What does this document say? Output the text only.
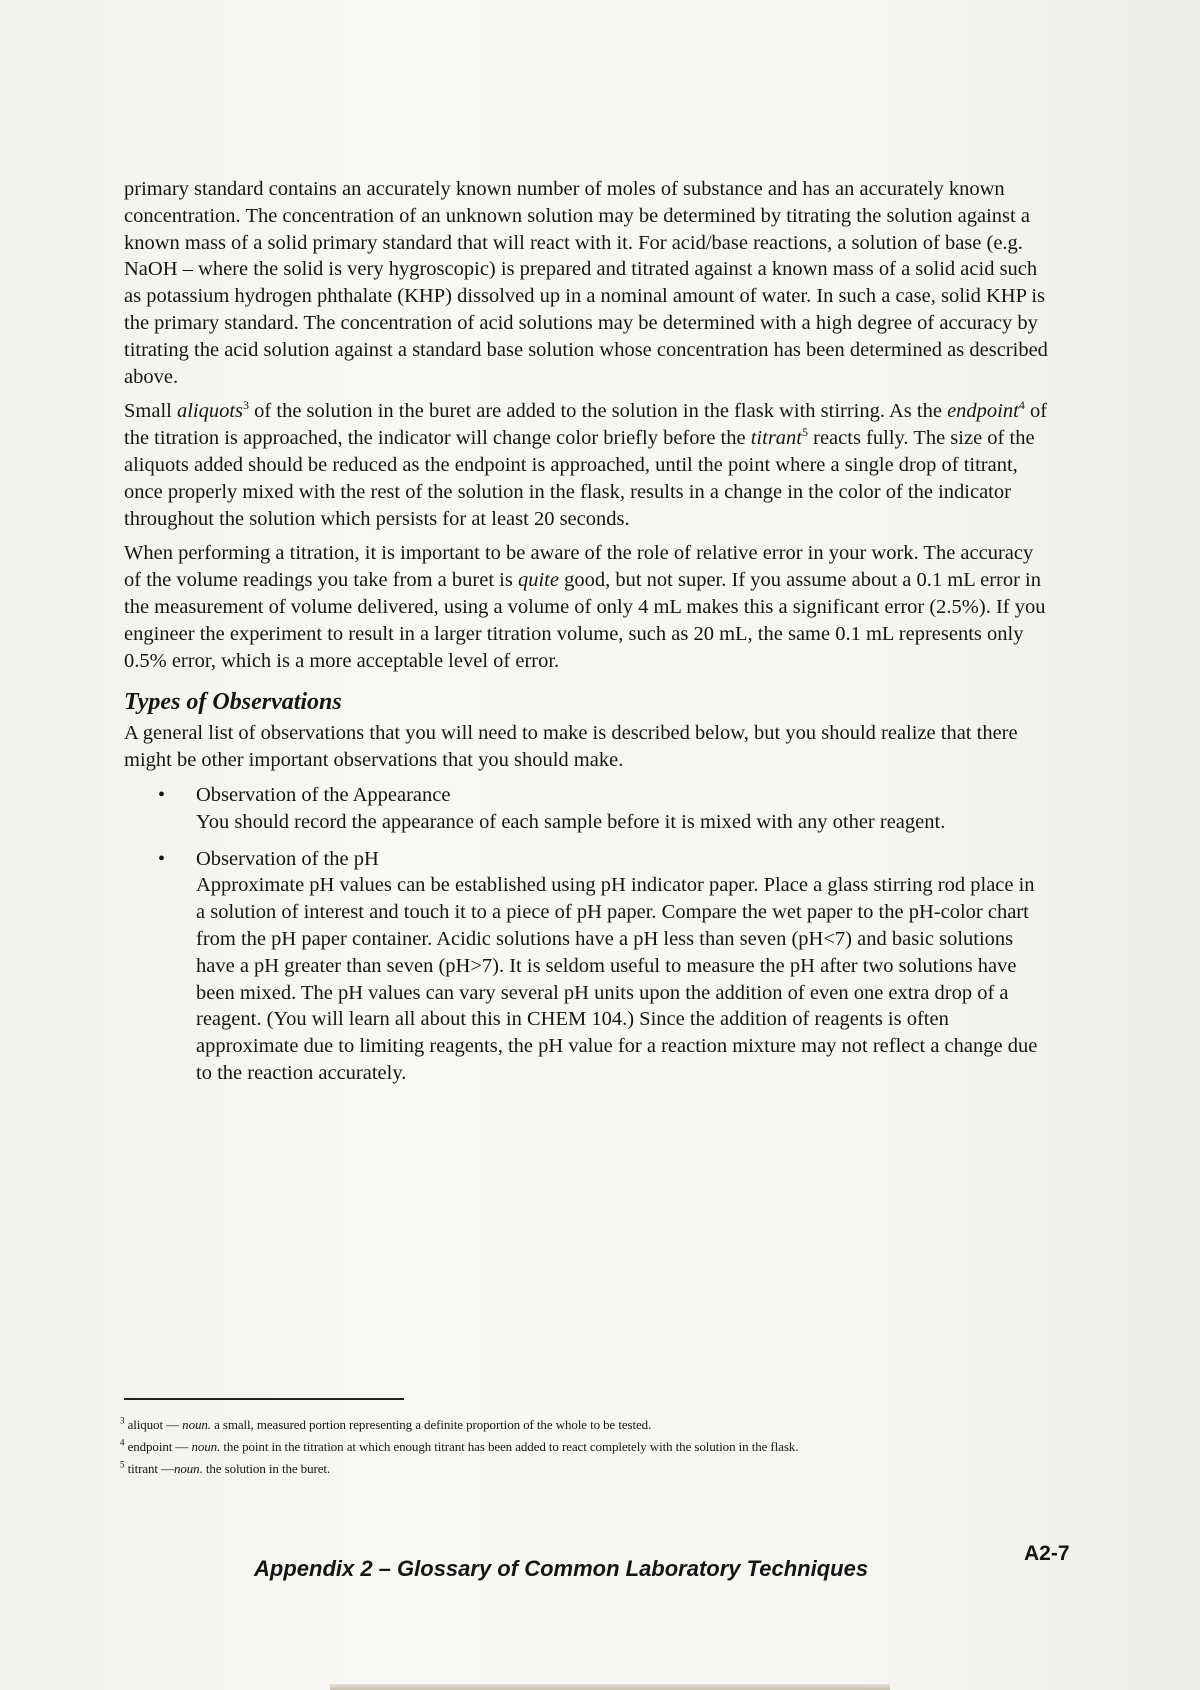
primary standard contains an accurately known number of moles of substance and has an accurately known concentration. The concentration of an unknown solution may be determined by titrating the solution against a known mass of a solid primary standard that will react with it. For acid/base reactions, a solution of base (e.g. NaOH – where the solid is very hygroscopic) is prepared and titrated against a known mass of a solid acid such as potassium hydrogen phthalate (KHP) dissolved up in a nominal amount of water. In such a case, solid KHP is the primary standard. The concentration of acid solutions may be determined with a high degree of accuracy by titrating the acid solution against a standard base solution whose concentration has been determined as described above.

Small aliquots$^3$ of the solution in the buret are added to the solution in the flask with stirring. As the endpoint$^4$ of the titration is approached, the indicator will change color briefly before the titrant$^5$ reacts fully. The size of the aliquots added should be reduced as the endpoint is approached, until the point where a single drop of titrant, once properly mixed with the rest of the solution in the flask, results in a change in the color of the indicator throughout the solution which persists for at least 20 seconds.

When performing a titration, it is important to be aware of the role of relative error in your work. The accuracy of the volume readings you take from a buret is quite good, but not super. If you assume about a 0.1 mL error in the measurement of volume delivered, using a volume of only 4 mL makes this a significant error (2.5%). If you engineer the experiment to result in a larger titration volume, such as 20 mL, the same 0.1 mL represents only 0.5% error, which is a more acceptable level of error.

Types of Observations

A general list of observations that you will need to make is described below, but you should realize that there might be other important observations that you should make.

• Observation of the Appearance
You should record the appearance of each sample before it is mixed with any other reagent.
• Observation of the pH
Approximate pH values can be established using pH indicator paper. Place a glass stirring rod place in a solution of interest and touch it to a piece of pH paper. Compare the wet paper to the pH-color chart from the pH paper container. Acidic solutions have a pH less than seven (pH<7) and basic solutions have a pH greater than seven (pH>7). It is seldom useful to measure the pH after two solutions have been mixed. The pH values can vary several pH units upon the addition of even one extra drop of a reagent. (You will learn all about this in CHEM 104.) Since the addition of reagents is often approximate due to limiting reagents, the pH value for a reaction mixture may not reflect a change due to the reaction accurately.
$^3$ aliquot — noun. a small, measured portion representing a definite proportion of the whole to be tested.
$^4$ endpoint — noun. the point in the titration at which enough titrant has been added to react completely with the solution in the flask.
$^5$ titrant —noun. the solution in the buret.
Appendix 2 – Glossary of Common Laboratory Techniques
A2-7
